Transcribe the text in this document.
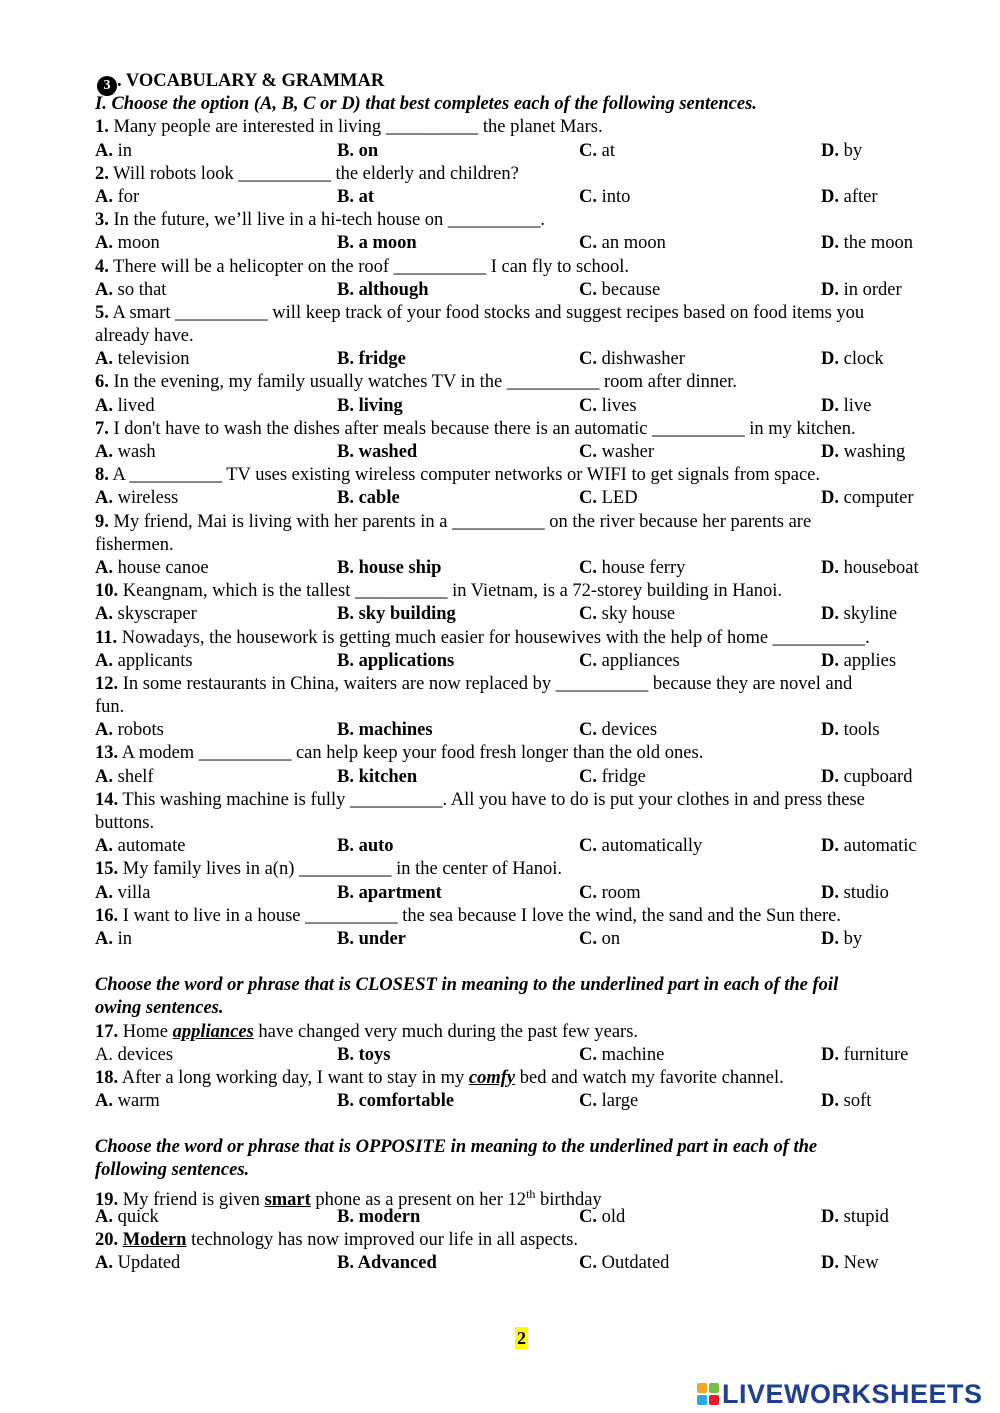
3 . VOCABULARY & GRAMMAR
I. Choose the option (A, B, C or D) that best completes each of the following sentences.
1. Many people are interested in living __________ the planet Mars.
A. in	B. on	C. at	D. by
2. Will robots look __________ the elderly and children?
A. for	B. at	C. into	D. after
3. In the future, we’ll live in a hi-tech house on __________.
A. moon	B. a moon	C. an moon	D. the moon
4. There will be a helicopter on the roof __________ I can fly to school.
A. so that	B. although	C. because	D. in order
5. A smart __________ will keep track of your food stocks and suggest recipes based on food items you
already have.
A. television	B. fridge	C. dishwasher	D. clock
6. In the evening, my family usually watches TV in the __________ room after dinner.
A. lived	B. living	C. lives	D. live
7. I don't have to wash the dishes after meals because there is an automatic __________ in my kitchen.
A. wash	B. washed	C. washer	D. washing
8. A __________ TV uses existing wireless computer networks or WIFI to get signals from space.
A. wireless	B. cable	C. LED	D. computer
9. My friend, Mai is living with her parents in a __________ on the river because her parents are
fishermen.
A. house canoe	B. house ship	C. house ferry	D. houseboat
10. Keangnam, which is the tallest __________ in Vietnam, is a 72-storey building in Hanoi.
A. skyscraper	B. sky building	C. sky house	D. skyline
11. Nowadays, the housework is getting much easier for housewives with the help of home __________.
A. applicants	B. applications	C. appliances	D. applies
12. In some restaurants in China, waiters are now replaced by __________ because they are novel and
fun.
A. robots	B. machines	C. devices	D. tools
13. A modem __________ can help keep your food fresh longer than the old ones.
A. shelf	B. kitchen	C. fridge	D. cupboard
14. This washing machine is fully __________. All you have to do is put your clothes in and press these
buttons.
A. automate	B. auto	C. automatically	D. automatic
15. My family lives in a(n) __________ in the center of Hanoi.
A. villa	B. apartment	C. room	D. studio
16. I want to live in a house __________ the sea because I love the wind, the sand and the Sun there.
A. in	B. under	C. on	D. by
Choose the word or phrase that is CLOSEST in meaning to the underlined part in each of the foil
owing sentences.
17. Home appliances have changed very much during the past few years.
A. devices	B. toys	C. machine	D. furniture
18. After a long working day, I want to stay in my comfy bed and watch my favorite channel.
A. warm	B. comfortable	C. large	D. soft
Choose the word or phrase that is OPPOSITE in meaning to the underlined part in each of the
following sentences.
19. My friend is given smart phone as a present on her 12th birthday
A. quick	B. modern	C. old	D. stupid
20. Modern technology has now improved our life in all aspects.
A. Updated	B. Advanced	C. Outdated	D. New
2
LIVEWORKSHEETS
